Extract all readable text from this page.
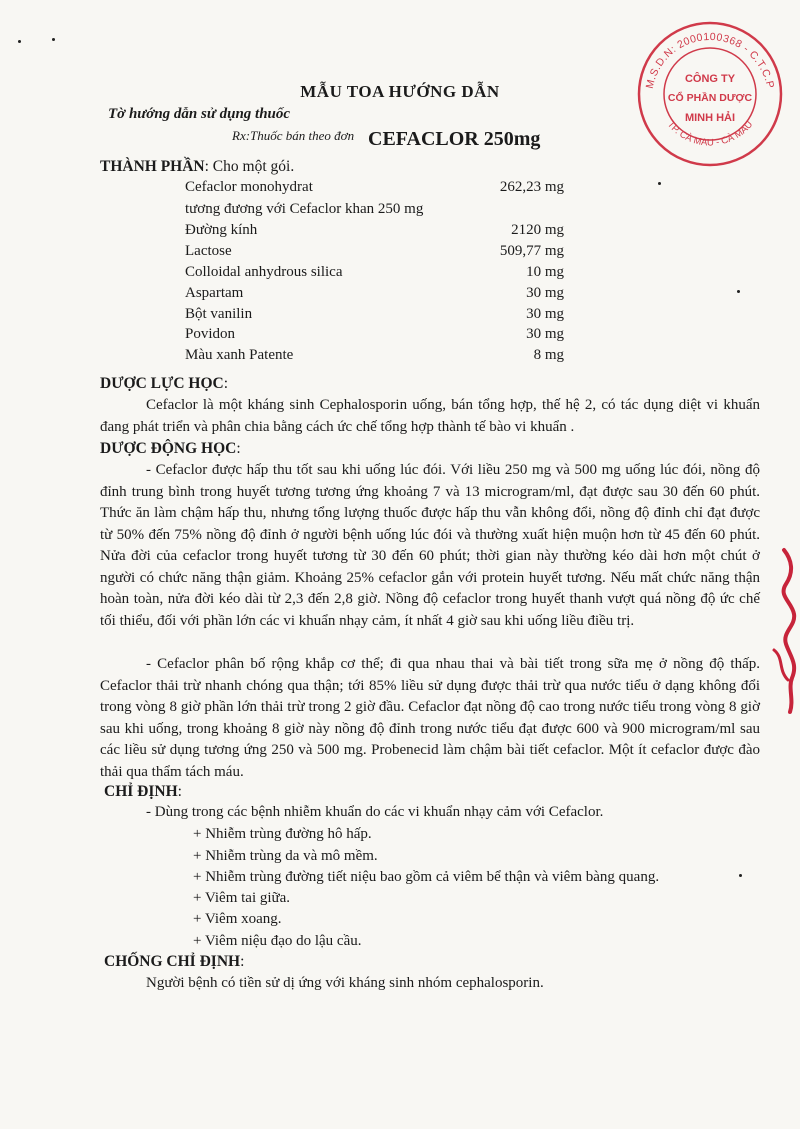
M.S.D.N: 2000100368 - C.T.C.P
TP. CÀ MAU - CÀ MAU
CÔNG TY
CỔ PHẦN DƯỢC
MINH HẢI
MẪU TOA HƯỚNG DẪN
Tờ hướng dẫn sử dụng thuốc
Rx:Thuốc bán theo đơn CEFACLOR 250mg
THÀNH PHẦN: Cho một gói.
Cefaclor monohydrat	262,23 mg
tương đương với Cefaclor khan 250 mg
Đường kính	2120 mg
Lactose	509,77 mg
Colloidal anhydrous silica	10 mg
Aspartam	30 mg
Bột vanilin	30 mg
Povidon	30 mg
Màu xanh Patente	8 mg
DƯỢC LỰC HỌC:
Cefaclor là một kháng sinh Cephalosporin uống, bán tổng hợp, thế hệ 2, có tác dụng diệt vi khuẩn đang phát triển và phân chia bằng cách ức chế tổng hợp thành tế bào vi khuẩn .
DƯỢC ĐỘNG HỌC:
- Cefaclor được hấp thu tốt sau khi uống lúc đói. Với liều 250 mg và 500 mg uống lúc đói, nồng độ đỉnh trung bình trong huyết tương tương ứng khoảng 7 và 13 microgram/ml, đạt được sau 30 đến 60 phút. Thức ăn làm chậm hấp thu, nhưng tổng lượng thuốc được hấp thu vẫn không đổi, nồng độ đỉnh chỉ đạt được từ 50% đến 75% nồng độ đỉnh ở người bệnh uống lúc đói và thường xuất hiện muộn hơn từ 45 đến 60 phút. Nửa đời của cefaclor trong huyết tương từ 30 đến 60 phút; thời gian này thường kéo dài hơn một chút ở người có chức năng thận giảm. Khoảng 25% cefaclor gắn với protein huyết tương. Nếu mất chức năng thận hoàn toàn, nửa đời kéo dài từ 2,3 đến 2,8 giờ. Nồng độ cefaclor trong huyết thanh vượt quá nồng độ ức chế tối thiểu, đối với phần lớn các vi khuẩn nhạy cảm, ít nhất 4 giờ sau khi uống liều điều trị.
- Cefaclor phân bố rộng khắp cơ thể; đi qua nhau thai và bài tiết trong sữa mẹ ở nồng độ thấp. Cefaclor thải trừ nhanh chóng qua thận; tới 85% liều sử dụng được thải trừ qua nước tiểu ở dạng không đổi trong vòng 8 giờ phần lớn thải trừ trong 2 giờ đầu. Cefaclor đạt nồng độ cao trong nước tiểu trong vòng 8 giờ sau khi uống, trong khoảng 8 giờ này nồng độ đỉnh trong nước tiểu đạt được 600 và 900 microgram/ml sau các liều sử dụng tương ứng 250 và 500 mg. Probenecid làm chậm bài tiết cefaclor. Một ít cefaclor được đào thải qua thẩm tách máu.
CHỈ ĐỊNH:
- Dùng trong các bệnh nhiễm khuẩn do các vi khuẩn nhạy cảm với Cefaclor.
+ Nhiễm trùng đường hô hấp.
+ Nhiễm trùng da và mô mềm.
+ Nhiễm trùng đường tiết niệu bao gồm cả viêm bể thận và viêm bàng quang.
+ Viêm tai giữa.
+ Viêm xoang.
+ Viêm niệu đạo do lậu cầu.
CHỐNG CHỈ ĐỊNH:
Người bệnh có tiền sử dị ứng với kháng sinh nhóm cephalosporin.
